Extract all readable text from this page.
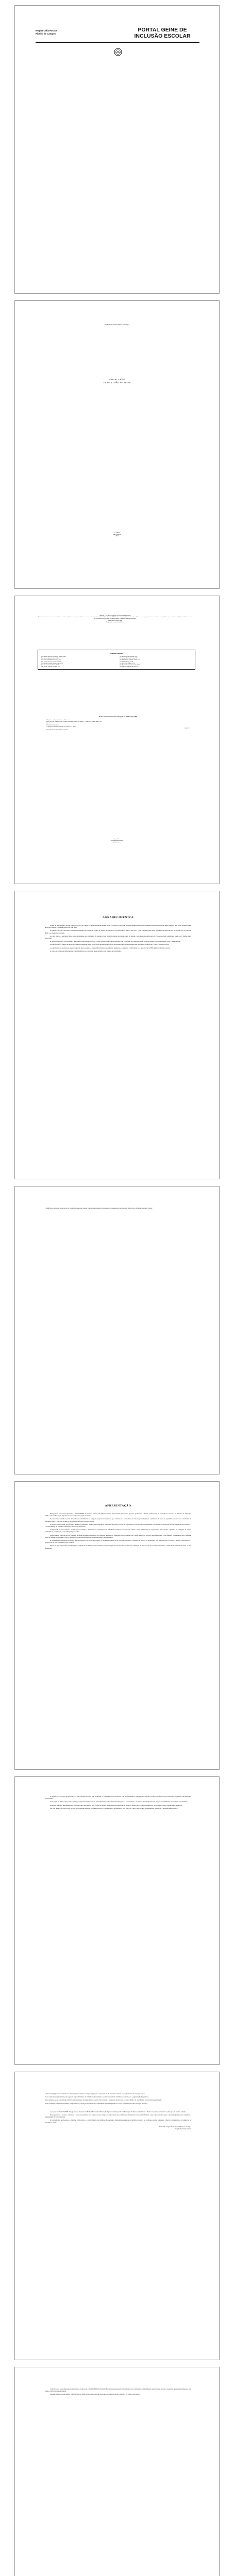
Regina Celia Passos
Ribeiro de Campos
PORTAL GEINE DE INCLUSÃO ESCOLAR
Regina Celia Passos Ribeiro de Campos
PORTAL GEINE
DE INCLUSÃO ESCOLAR
1ª Edição
Quipá Editora
2022
Copyright © dos autores e autoras. Todos os direitos reservados.
Esta obra é publicada em acesso aberto. O conteúdo dos capítulos, os dados apresentados, bem como a revisão ortográfica e gramatical são de responsabilidade de seus autores, detentores de todos os Direitos Autorais, que permitem o download e o compartilhamento, com a devida atribuição de crédito, mas sem que seja possível alterar a obra, de nenhuma forma, ou utilizá-la para fins comerciais.
Normalização: Editora Quipá
Diagramação e capa: Quipá Editora
Conselho Editorial
Me. Adriano Monteiro de Oliveira, Quipá Editora
Dra. Antonia Bruna da Silva, UFPI
Dr. Cícero Nilton Moreira da Silva, UFC
Dra. Elizângela Neres de Oliveira, IFCE
Dr. Francisco Ricardo Miranda Pinto, UECE
Dra. Germana Costa Paixão, UECE
Dra. Joseane Sousa de Carvalho, UFC
Dra. Keila Andrade Haiashida, UFC
Dr. Luciano Moreira de Castro, UFC
Dra. Maria Elisa Cavalcante Araújo, UFC
Dra. Mônica Rangel, UFRJ
Dr. Paulo César Geglio, UFPB
Dra. Rosana Ressurreição Aranha, UECE
Dra. Simone Guimarães da Silva, UFC
Dados Internacionais de Catalogação na Publicação (CIP)
C198p Campos, Regina Celia Passos Ribeiro de
Portal GEINE de inclusão escolar / Regina Celia Passos Ribeiro de Campos. — Iguatu, CE : Quipá Editora, 2022.
76 p. : il.
ISBN 978-65-5376-000-0
1. Educação inclusiva. 2. Formação de professores. I. Título.
CDD 371.9
Obra publicada pela Quipá Editora em 2022.
Quipá Editora
www.quipaeditora.com.br
@quipaeditora
AGRADECIMENTOS

Acima de tudo, a Deus, que me concedeu a graça de chegar até aqui, renovando minhas forças a cada dia e colocando em meu caminho pessoas que tornaram possível a realização deste trabalho. Sem a Sua presença, nada disso teria sentido e nenhum passo teria sido dado.

Aos meus pais, que com amor, dedicação e exemplo me ensinaram o valor do estudo, do respeito e da perseverança. Tudo o que sou e o que conquistei tem raízes profundas na educação que recebi em casa, no cuidado diário e no incentivo constante.

Ao meu esposo e aos meus filhos, pela compreensão nos momentos de ausência, pela paciência diante das longas horas de estudo e pelo apoio incondicional em cada etapa desta caminhada. Vocês são a minha maior motivação.

À minha orientadora, pela confiança depositada, pela orientação segura e pelas valiosas contribuições durante todo o processo de construção deste trabalho, sempre com generosidade, rigor e sensibilidade.

Aos professores e colegas do Programa de Pós-Graduação, pelas trocas, pelos debates e pelo convívio enriquecedor, que ampliaram meu olhar sobre a educação e sobre a inclusão escolar.

Aos profissionais da educação que participaram desta pesquisa e compartilharam suas experiências, angústias e conquistas, contribuindo para que o Portal GEINE ganhasse forma e sentido.

A todos que, direta ou indiretamente, contribuíram para a realização deste trabalho, meu sincero agradecimento.

“A diferença não é um problema a ser resolvido, mas uma riqueza a ser compreendida e valorizada no cotidiano da escola, onde todos têm o direito de aprender juntos.”

APRESENTAÇÃO

Este produto educacional apresenta o Portal GEINE de Inclusão Escolar, um ambiente virtual desenvolvido para apoiar gestores, professores e demais profissionais da educação no processo de inclusão de estudantes público-alvo da Educação Especial nas escolas da rede regular de ensino.

O portal foi concebido a partir das demandas identificadas ao longo da pesquisa de mestrado, que evidenciou a necessidade de um espaço de formação continuada, de troca de experiências e de acesso a materiais de referência sobre a educação inclusiva, organizados de forma clara e acessível.

A proposta busca reunir, em um único ambiente, legislação, orientações pedagógicas, sugestões de práticas, relatos de experiências e recursos de acessibilidade, favorecendo a construção de uma cultura escolar inclusiva e o fortalecimento do trabalho colaborativo entre os profissionais.

Compreende-se que a inclusão escolar não se restringe à matrícula dos estudantes com deficiência, transtornos do espectro autista e altas habilidades ou superdotação, mas envolve a garantia de condições de acesso, permanência, participação e aprendizagem para todos.

Nesse sentido, o Portal GEINE pretende ser uma ferramenta dinâmica, em constante atualização, construída coletivamente com a participação das escolas, dos profissionais e das famílias, contribuindo para a reflexão sobre as práticas pedagógicas e para a superação de barreiras atitudinais, comunicacionais e arquitetônicas.

O material está organizado em seções que apresentam o percurso da pesquisa, os fundamentos teóricos da educação inclusiva, a estrutura do portal e as orientações para sua utilização, de modo a facilitar a navegação e a apropriação de seus conteúdos pelos usuários.

Espera-se que este produto contribua para a ampliação do debate sobre a inclusão escolar e inspire novas iniciativas voltadas à construção de uma escola que reconheça e valorize a diversidade humana em todas as suas dimensões.

A organização do portal foi pensada para que o usuário encontre com facilidade os conteúdos de que necessita, com menus intuitivos, linguagem acessível e recursos que favorecem a autonomia de pessoas com diferentes necessidades.

Cada seção foi elaborada a partir do diálogo com profissionais da rede, que indicaram os temas mais relevantes para o seu cotidiano e as dúvidas mais frequentes em relação ao atendimento educacional especializado.

Além dos materiais disponibilizados, o portal conta com espaços para o envio de relatos de experiências, sugestões de leitura e contato com a equipe responsável, fortalecendo a rede de apoio entre as escolas.

Por fim, destaca-se que o Portal GEINE não pretende substituir a formação inicial e continuada dos profissionais, mas somar-se a elas como recurso complementar, disponível a qualquer tempo e lugar.

1. Este material procura sistematizar as informações reunidas ao longo da pesquisa e apresentá-las de maneira acessível aos profissionais da educação básica.

2. As orientações aqui reunidas não esgotam as possibilidades de trabalho com a inclusão escolar, mas indicam caminhos possíveis para a organização das práticas.

3. Recomenda-se que o portal seja utilizado em momentos de planejamento coletivo, favorecendo a troca entre professores da sala comum e do atendimento educacional especializado.

4. Os conteúdos podem ser livremente compartilhados, desde que citada a fonte, contribuindo para a ampliação do acesso à informação sobre educação inclusiva.

A proposta do Portal GEINE dialoga com as diretrizes da Política Nacional de Educação Especial na Perspectiva da Educação Inclusiva, reafirmando o direito de todos os estudantes à educação em escolas comuns.

Nesse percurso, a escola é convidada a rever suas práticas, seus espaços e seus tempos, reconhecendo que as diferenças fazem parte da condição humana e que o processo de ensino e aprendizagem precisa considerar a singularidade de cada estudante.

A formação dos profissionais, o trabalho colaborativo e o envolvimento das famílias são elementos fundamentais para que a inclusão se efetive no cotidiano escolar, superando a lógica da integração e da adaptação do estudante à escola.

Profa. Ma. Regina Celia Passos Ribeiro de Campos
Pesquisadora Responsável

Convido todos os profissionais da educação a conhecerem o Portal GEINE de Inclusão Escolar e a participarem ativamente de sua construção, compartilhando experiências, dúvidas e sugestões que possam enriquecer este espaço coletivo de aprendizagem.

Que este material possa inspirar práticas cada vez mais inclusivas e contribuir para que a escola seja, de fato, um lugar de todos e para todos.
